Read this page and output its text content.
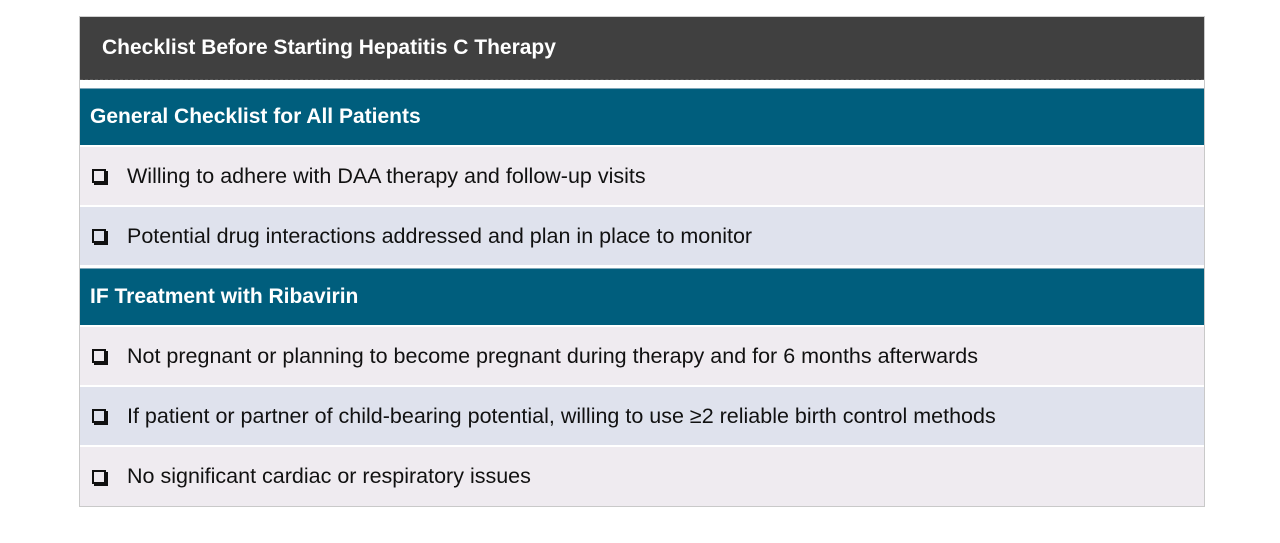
Checklist Before Starting Hepatitis C Therapy
General Checklist for All Patients
Willing to adhere with DAA therapy and follow-up visits
Potential drug interactions addressed and plan in place to monitor
IF Treatment with Ribavirin
Not pregnant or planning to become pregnant during therapy and for 6 months afterwards
If patient or partner of child-bearing potential, willing to use ≥2 reliable birth control methods
No significant cardiac or respiratory issues
